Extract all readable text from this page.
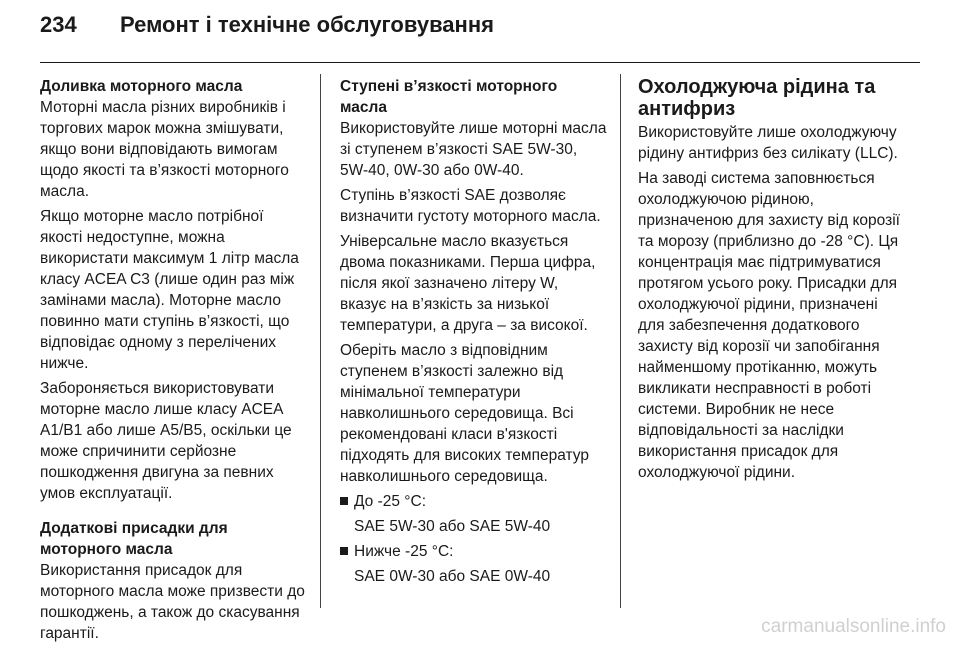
234	Ремонт і технічне обслуговування
Доливка моторного масла

Моторні масла різних виробників і торгових марок можна змішувати, якщо вони відповідають вимогам щодо якості та в’язкості моторного масла.

Якщо моторне масло потрібної якості недоступне, можна використати максимум 1 літр масла класу ACEA C3 (лише один раз між замінами масла). Моторне масло повинно мати ступінь в’язкості, що відповідає одному з перелічених нижче.

Забороняється використовувати моторне масло лише класу ACEA A1/B1 або лише A5/B5, оскільки це може спричинити серйозне пошкодження двигуна за певних умов експлуатації.

Додаткові присадки для моторного масла

Використання присадок для моторного масла може призвести до пошкоджень, а також до скасування гарантії.

Ступені в’язкості моторного масла

Використовуйте лише моторні масла зі ступенем в’язкості SAE 5W-30, 5W-40, 0W-30 або 0W-40.

Ступінь в’язкості SAE дозволяє визначити густоту моторного масла.

Універсальне масло вказується двома показниками. Перша цифра, після якої зазначено літеру W, вказує на в’язкість за низької температури, а друга – за високої.

Оберіть масло з відповідним ступенем в’язкості залежно від мінімальної температури навколишнього середовища. Всі рекомендовані класи в'язкості підходять для високих температур навколишнього середовища.

До -25 °C:
SAE 5W-30 або SAE 5W-40
Нижче -25 °C:
SAE 0W-30 або SAE 0W-40
Охолоджуюча рідина та антифриз

Використовуйте лише охолоджуючу рідину антифриз без силікату (LLC).

На заводі система заповнюється охолоджуючою рідиною, призначеною для захисту від корозії та морозу (приблизно до -28 °C). Ця концентрація має підтримуватися протягом усього року. Присадки для охолоджуючої рідини, призначені для забезпечення додаткового захисту від корозії чи запобігання найменшому протіканню, можуть викликати несправності в роботі системи. Виробник не несе відповідальності за наслідки використання присадок для охолоджуючої рідини.

carmanualsonline.info
